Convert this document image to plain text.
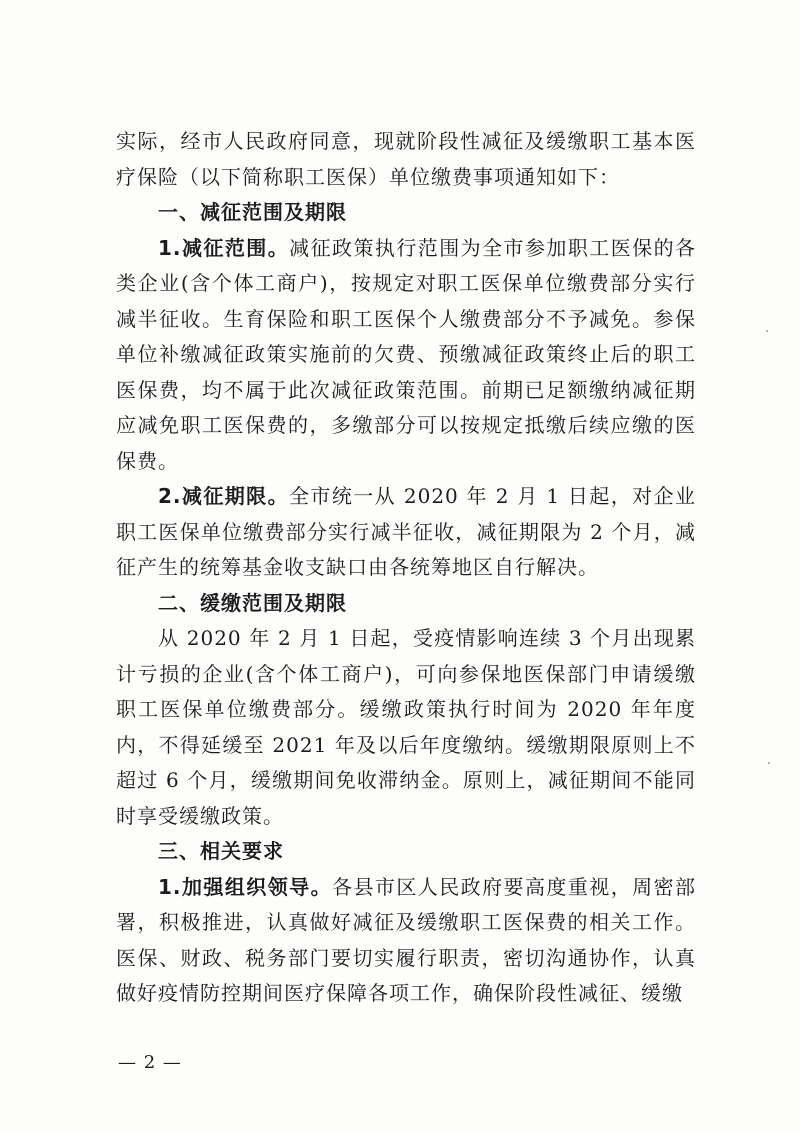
实际，经市人民政府同意，现就阶段性减征及缓缴职工基本医疗保险（以下简称职工医保）单位缴费事项通知如下：

一、减征范围及期限

1.减征范围。减征政策执行范围为全市参加职工医保的各类企业(含个体工商户)，按规定对职工医保单位缴费部分实行减半征收。生育保险和职工医保个人缴费部分不予减免。参保单位补缴减征政策实施前的欠费、预缴减征政策终止后的职工医保费，均不属于此次减征政策范围。前期已足额缴纳减征期应减免职工医保费的，多缴部分可以按规定抵缴后续应缴的医保费。

2.减征期限。全市统一从 2020 年 2 月 1 日起，对企业职工医保单位缴费部分实行减半征收，减征期限为 2 个月，减征产生的统筹基金收支缺口由各统筹地区自行解决。

二、缓缴范围及期限

从 2020 年 2 月 1 日起，受疫情影响连续 3 个月出现累计亏损的企业(含个体工商户)，可向参保地医保部门申请缓缴职工医保单位缴费部分。缓缴政策执行时间为 2020 年年度内，不得延缓至 2021 年及以后年度缴纳。缓缴期限原则上不超过 6 个月，缓缴期间免收滞纳金。原则上，减征期间不能同时享受缓缴政策。

三、相关要求

1.加强组织领导。各县市区人民政府要高度重视，周密部署，积极推进，认真做好减征及缓缴职工医保费的相关工作。医保、财政、税务部门要切实履行职责，密切沟通协作，认真做好疫情防控期间医疗保障各项工作，确保阶段性减征、缓缴

— 2 —
